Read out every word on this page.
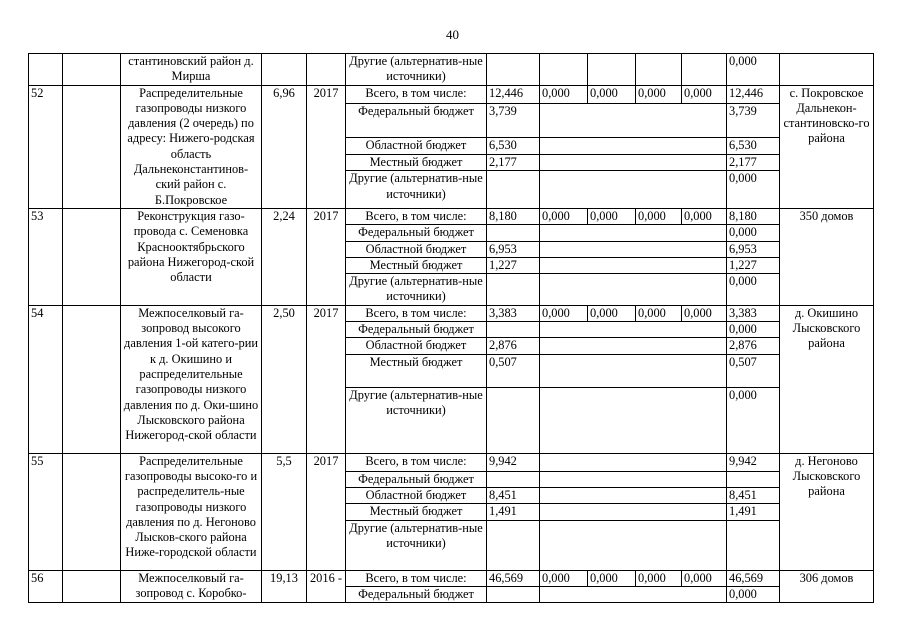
40
		стантиновский район д. Мирша			Другие (альтернатив-ные источники)						0,000	
52		Распределительные газопроводы низкого давления (2 очередь) по адресу: Нижего-родская область Дальнеконстантинов-ский район с. Б.Покровское	6,96	2017	Всего, в том числе:	12,446	0,000	0,000	0,000	0,000	12,446	с. Покровское Дальнекон-стантиновско-го района
					Федеральный бюджет	3,739					3,739	
					Областной бюджет	6,530					6,530	
					Местный бюджет	2,177					2,177	
					Другие (альтернатив-ные источники)						0,000	
53		Реконструкция газо-провода с. Семеновка Краснооктябрьского района Нижегород-ской области	2,24	2017	Всего, в том числе:	8,180	0,000	0,000	0,000	0,000	8,180	350 домов
					Федеральный бюджет						0,000	
					Областной бюджет	6,953					6,953	
					Местный бюджет	1,227					1,227	
					Другие (альтернатив-ные источники)						0,000	
54		Межпоселковый га-зопровод высокого давления 1-ой катего-рии к д. Окишино и распределительные газопроводы низкого давления по д. Оки-шино Лысковского района Нижегород-ской области	2,50	2017	Всего, в том числе:	3,383	0,000	0,000	0,000	0,000	3,383	д. Окишино Лысковского района
					Федеральный бюджет						0,000	
					Областной бюджет	2,876					2,876	
					Местный бюджет	0,507					0,507	
					Другие (альтернатив-ные источники)						0,000	
55		Распределительные газопроводы высоко-го и распределитель-ные газопроводы низкого давления по д. Негоново Лысков-ского района Ниже-городской области	5,5	2017	Всего, в том числе:	9,942					9,942	д. Негоново Лысковского района
					Федеральный бюджет							
					Областной бюджет	8,451					8,451	
					Местный бюджет	1,491					1,491	
					Другие (альтернатив-ные источники)							
56		Межпоселковый га-зопровод с. Коробко-	19,13	2016 -	Всего, в том числе:	46,569	0,000	0,000	0,000	0,000	46,569	306 домов
					Федеральный бюджет						0,000	
